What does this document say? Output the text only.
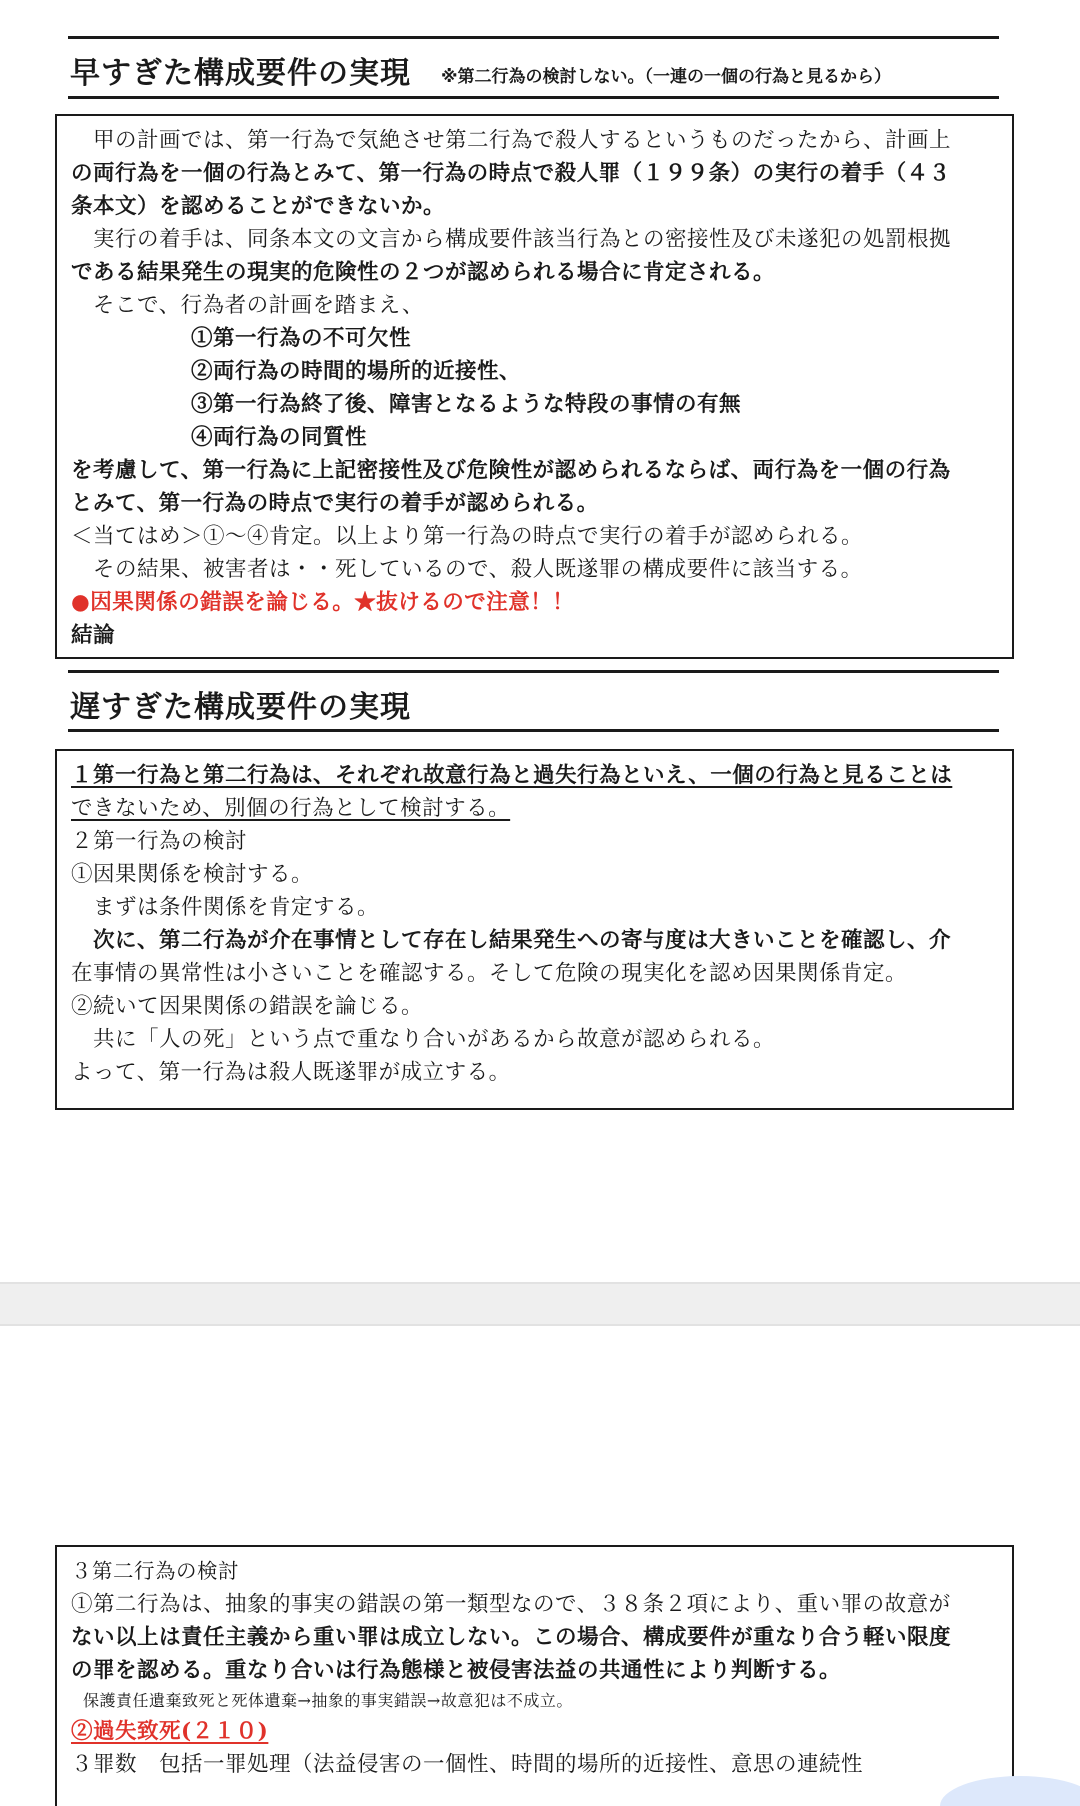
早すぎた構成要件の実現 ※第二行為の検討しない。（一連の一個の行為と見るから）
甲の計画では、第一行為で気絶させ第二行為で殺人するというものだったから、計画上
の両行為を一個の行為とみて、第一行為の時点で殺人罪（１９９条）の実行の着手（４３
条本文）を認めることができないか。
実行の着手は、同条本文の文言から構成要件該当行為との密接性及び未遂犯の処罰根拠
である結果発生の現実的危険性の２つが認められる場合に肯定される。
そこで、行為者の計画を踏まえ、
①第一行為の不可欠性
②両行為の時間的場所的近接性、
③第一行為終了後、障害となるような特段の事情の有無
④両行為の同質性
を考慮して、第一行為に上記密接性及び危険性が認められるならば、両行為を一個の行為
とみて、第一行為の時点で実行の着手が認められる。
＜当てはめ＞①～④肯定。以上より第一行為の時点で実行の着手が認められる。
その結果、被害者は・・死しているので、殺人既遂罪の構成要件に該当する。
●因果関係の錯誤を論じる。★抜けるので注意！！
結論
遅すぎた構成要件の実現
１第一行為と第二行為は、それぞれ故意行為と過失行為といえ、一個の行為と見ることは
できないため、別個の行為として検討する。
２第一行為の検討
①因果関係を検討する。
まずは条件関係を肯定する。
次に、第二行為が介在事情として存在し結果発生への寄与度は大きいことを確認し、介
在事情の異常性は小さいことを確認する。そして危険の現実化を認め因果関係肯定。
②続いて因果関係の錯誤を論じる。
共に「人の死」という点で重なり合いがあるから故意が認められる。
よって、第一行為は殺人既遂罪が成立する。
３第二行為の検討
①第二行為は、抽象的事実の錯誤の第一類型なので、３８条２項により、重い罪の故意が
ない以上は責任主義から重い罪は成立しない。この場合、構成要件が重なり合う軽い限度
の罪を認める。重なり合いは行為態様と被侵害法益の共通性により判断する。
保護責任遺棄致死と死体遺棄→抽象的事実錯誤→故意犯は不成立。
②過失致死(２１０)
３罪数　包括一罪処理（法益侵害の一個性、時間的場所的近接性、意思の連続性
